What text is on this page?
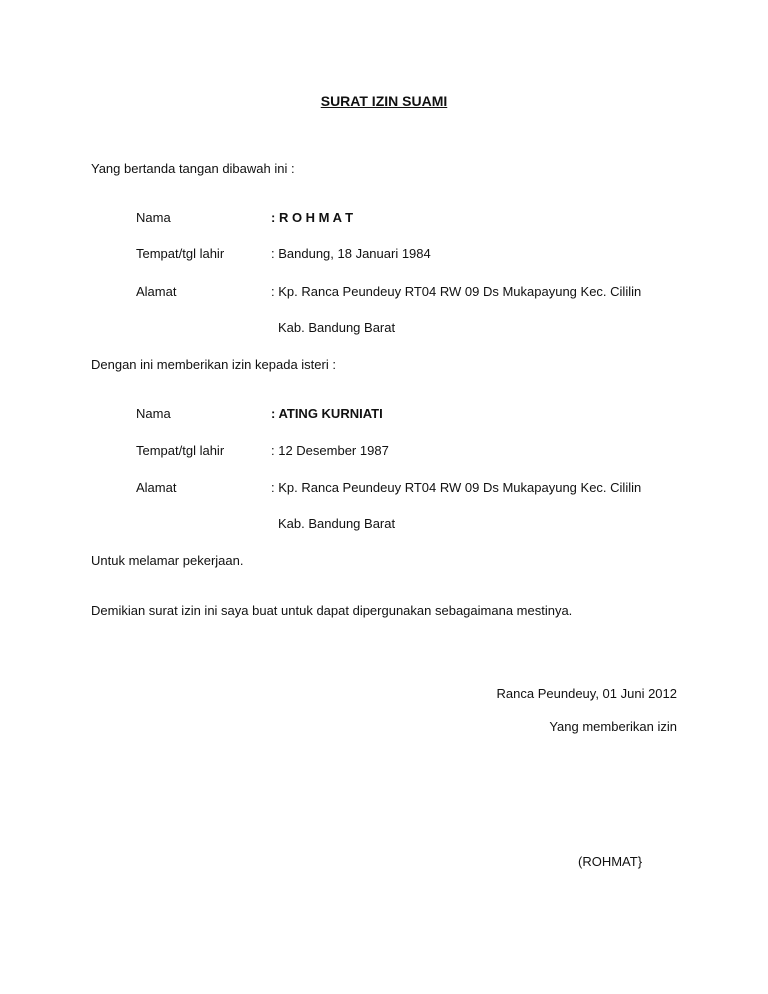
SURAT IZIN SUAMI
Yang bertanda tangan dibawah ini :
Nama	: R O H M A T
Tempat/tgl lahir	: Bandung, 18 Januari 1984
Alamat	: Kp. Ranca Peundeuy RT04 RW 09 Ds Mukapayung Kec. Cililin
Kab. Bandung Barat
Dengan ini memberikan izin kepada isteri :
Nama	: ATING KURNIATI
Tempat/tgl lahir	: 12 Desember 1987
Alamat	: Kp. Ranca Peundeuy RT04 RW 09 Ds Mukapayung Kec. Cililin
Kab. Bandung Barat
Untuk melamar pekerjaan.
Demikian surat izin ini saya buat untuk dapat dipergunakan sebagaimana mestinya.
Ranca Peundeuy, 01 Juni 2012
Yang memberikan izin
(ROHMAT}
